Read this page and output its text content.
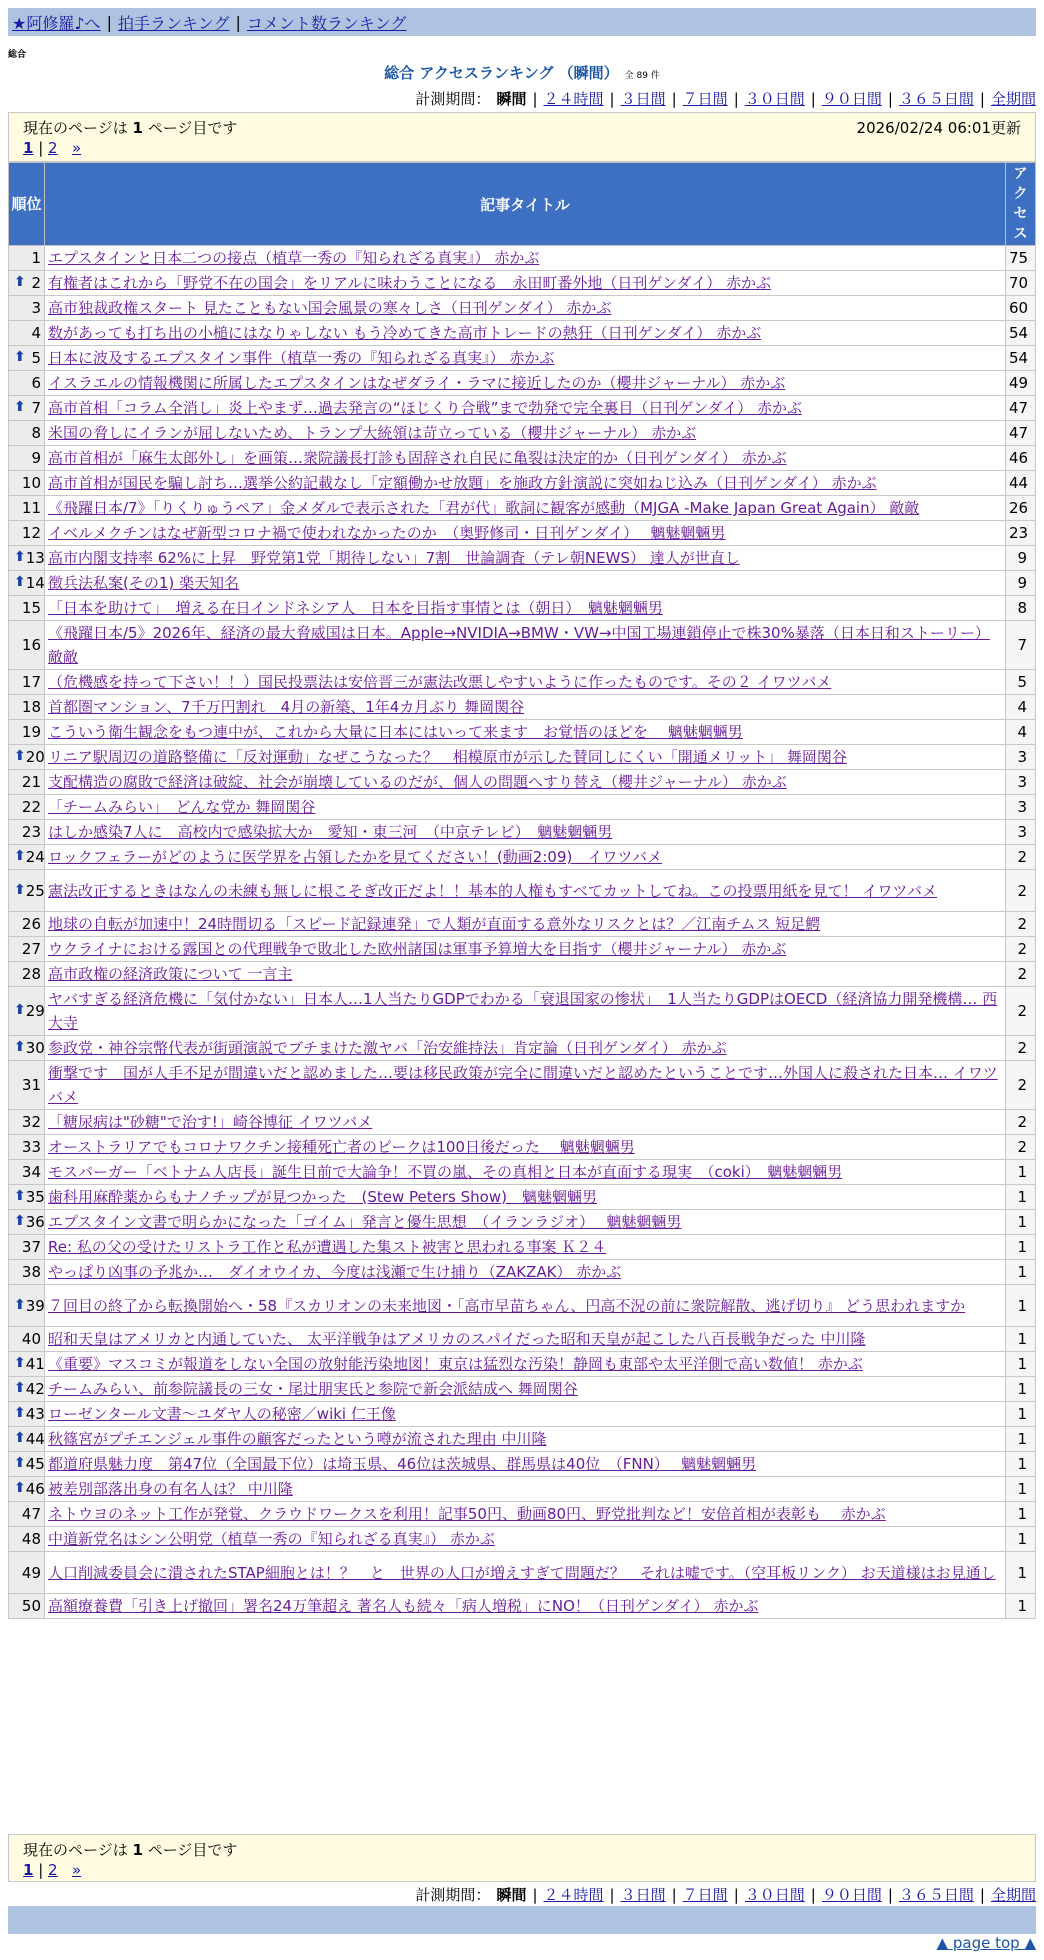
★阿修羅♪へ | 拍手ランキング | コメント数ランキング
総合
総合 アクセスランキング （瞬間） 全 89 件
計測期間： 瞬間 | ２４時間 | ３日間 | ７日間 | ３０日間 | ９０日間 | ３６５日間 | 全期間
現在のページは 1 ページ目です	2026/02/24 06:01更新
1 | 2 »
順位	記事タイトル	アクセス
1	エプスタインと日本二つの接点（植草一秀の『知られざる真実』） 赤かぶ	75

⬆ 2	有権者はこれから「野党不在の国会」をリアルに味わうことになる　永田町番外地（日刊ゲンダイ） 赤かぶ	70
3	高市独裁政権スタート 見たこともない国会風景の寒々しさ（日刊ゲンダイ） 赤かぶ	60
4	数があっても打ち出の小槌にはなりゃしない もう冷めてきた高市トレードの熱狂（日刊ゲンダイ） 赤かぶ	54

⬆ 5	日本に波及するエプスタイン事件（植草一秀の『知られざる真実』） 赤かぶ	54
6	イスラエルの情報機関に所属したエプスタインはなぜダライ・ラマに接近したのか（櫻井ジャーナル） 赤かぶ	49

⬆ 7	高市首相「コラム全消し」炎上やまず…過去発言の“ほじくり合戦”まで勃発で完全裏目（日刊ゲンダイ） 赤かぶ	47
8	米国の脅しにイランが屈しないため、トランプ大統領は苛立っている（櫻井ジャーナル） 赤かぶ	47
9	高市首相が「麻生太郎外し」を画策…衆院議長打診も固辞され自民に亀裂は決定的か（日刊ゲンダイ） 赤かぶ	46
10	高市首相が国民を騙し討ち…選挙公約記載なし「定額働かせ放題」を施政方針演説に突如ねじ込み（日刊ゲンダイ） 赤かぶ	44
11	《飛躍日本/7》「りくりゅうペア」金メダルで表示された「君が代」歌詞に観客が感動（MJGA -Make Japan Great Again） 敵敵	26
12	イベルメクチンはなぜ新型コロナ禍で使われなかったのか　（奥野修司・日刊ゲンダイ）　 魑魅魍魎男	23

⬆ 13	高市内閣支持率 62%に上昇　野党第1党「期待しない」7割　世論調査（テレ朝NEWS） 達人が世直し	9

⬆ 14	徴兵法私案(その1) 楽天知名	9
15	「日本を助けて」　増える在日インドネシア人　日本を目指す事情とは（朝日）　魑魅魍魎男	8
16	《飛躍日本/5》2026年、経済の最大脅威国は日本。Apple→NVIDIA→BMW・VW→中国工場連鎖停止で株30%暴落（日本日和ストーリー） 敵敵	7
17	（危機感を持って下さい！！）国民投票法は安倍晋三が憲法改悪しやすいように作ったものです。その２ イワツバメ	5
18	首都圏マンション、7千万円割れ　4月の新築、1年4カ月ぶり 舞岡関谷	4
19	こういう衛生観念をもつ連中が、これから大量に日本にはいって来ます　お覚悟のほどを　 魑魅魍魎男	4

⬆ 20	リニア駅周辺の道路整備に「反対運動」なぜこうなった？　相模原市が示した賛同しにくい「開通メリット」 舞岡関谷	3
21	支配構造の腐敗で経済は破綻、社会が崩壊しているのだが、個人の問題へすり替え（櫻井ジャーナル） 赤かぶ	3
22	「チームみらい」　どんな党か 舞岡関谷	3
23	はしか感染7人に　高校内で感染拡大か　愛知・東三河　（中京テレビ）　魑魅魍魎男	3

⬆ 24	ロックフェラーがどのように医学界を占領したかを見てください！(動画2:09)　イワツバメ	2

⬆ 25	憲法改正するときはなんの未練も無しに根こそぎ改正だよ！！基本的人権もすべてカットしてね。この投票用紙を見て！ イワツバメ	2
26	地球の自転が加速中！24時間切る「スピード記録連発」で人類が直面する意外なリスクとは？／江南チムス 短足鰐	2
27	ウクライナにおける露国との代理戦争で敗北した欧州諸国は軍事予算増大を目指す（櫻井ジャーナル） 赤かぶ	2
28	高市政権の経済政策について 一言主	2

⬆ 29	ヤバすぎる経済危機に「気付かない」日本人…1人当たりGDPでわかる「衰退国家の惨状」　1人当たりGDPはOECD（経済協力開発機構… 西大寺	2

⬆ 30	参政党・神谷宗幣代表が街頭演説でブチまけた激ヤバ「治安維持法」肯定論（日刊ゲンダイ） 赤かぶ	2
31	衝撃です　国が人手不足が間違いだと認めました…要は移民政策が完全に間違いだと認めたということです…外国人に殺された日本… イワツバメ	2
32	「糖尿病は"砂糖"で治す!」崎谷博征 イワツバメ	2
33	オーストラリアでもコロナワクチン接種死亡者のピークは100日後だった　 魑魅魍魎男	2
34	モスバーガー「ベトナム人店長」誕生目前で大論争！不買の嵐、その真相と日本が直面する現実　（coki）　魑魅魍魎男	1

⬆ 35	歯科用麻酔薬からもナノチップが見つかった　(Stew Peters Show)　魑魅魍魎男	1

⬆ 36	エプスタイン文書で明らかになった「ゴイム」発言と優生思想　（イランラジオ）　 魑魅魍魎男	1
37	Re: 私の父の受けたリストラ工作と私が遭遇した集スト被害と思われる事案 Ｋ２４	1
38	やっぱり凶事の予兆か…　ダイオウイカ、今度は浅瀬で生け捕り（ZAKZAK） 赤かぶ	1

⬆ 39	７回目の終了から転換開始へ・58『スカリオンの未来地図・「高市早苗ちゃん、円高不況の前に衆院解散、逃げ切り』 どう思われますか	1
40	昭和天皇はアメリカと内通していた、 太平洋戦争はアメリカのスパイだった昭和天皇が起こした八百長戦争だった 中川隆	1

⬆ 41	《重要》マスコミが報道をしない全国の放射能汚染地図！東京は猛烈な汚染！静岡も東部や太平洋側で高い数値！ 赤かぶ	1

⬆ 42	チームみらい、前参院議長の三女・尾辻朋実氏と参院で新会派結成へ 舞岡関谷	1

⬆ 43	ローゼンタール文書～ユダヤ人の秘密／wiki 仁王像	1

⬆ 44	秋篠宮がプチエンジェル事件の顧客だったという噂が流された理由 中川隆	1

⬆ 45	都道府県魅力度　第47位（全国最下位）は埼玉県、46位は茨城県、群馬県は40位　（FNN）　 魑魅魍魎男	1

⬆ 46	被差別部落出身の有名人は？ 中川隆	1
47	ネトウヨのネット工作が発覚、クラウドワークスを利用！記事50円、動画80円、野党批判など！安倍首相が表彰も　 赤かぶ	1
48	中道新党名はシン公明党（植草一秀の『知られざる真実』） 赤かぶ	1
49	人口削減委員会に潰されたSTAP細胞とは！？　と　世界の人口が増えすぎて問題だ？　それは嘘です。（空耳板リンク） お天道様はお見通し	1
50	高額療養費「引き上げ撤回」署名24万筆超え 著名人も続々「病人増税」にNO！（日刊ゲンダイ） 赤かぶ	1
現在のページは 1 ページ目です
1 | 2 »
計測期間： 瞬間 | ２４時間 | ３日間 | ７日間 | ３０日間 | ９０日間 | ３６５日間 | 全期間
▲ page top ▲
